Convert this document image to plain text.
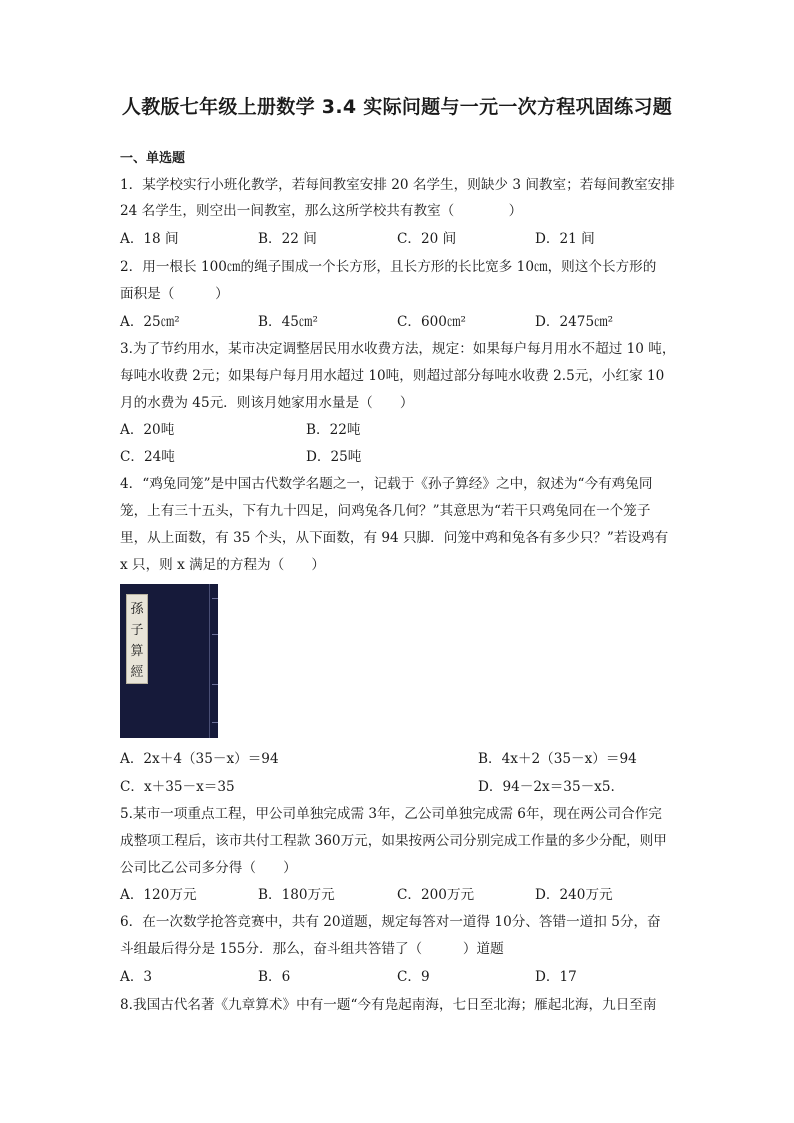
人教版七年级上册数学 3.4 实际问题与一元一次方程巩固练习题
一、单选题
1．某学校实行小班化教学，若每间教室安排 20 名学生，则缺少 3 间教室；若每间教室安排
24 名学生，则空出一间教室，那么这所学校共有教室（　　　　）
A．18 间	B．22 间	C．20 间	D．21 间
2．用一根长 100㎝的绳子围成一个长方形，且长方形的长比宽多 10㎝，则这个长方形的
面积是（　　　）
A．25㎝²	B．45㎝²	C．600㎝²	D．2475㎝²
3.为了节约用水，某市决定调整居民用水收费方法，规定：如果每户每月用水不超过 10 吨，
每吨水收费 2元；如果每户每月用水超过 10吨，则超过部分每吨水收费 2.5元，小红家 10
月的水费为 45元．则该月她家用水量是（　　）
A．20吨	B．22吨
C．24吨	D．25吨
4．“鸡兔同笼”是中国古代数学名题之一，记载于《孙子算经》之中，叙述为“今有鸡兔同
笼，上有三十五头，下有九十四足，问鸡兔各几何？”其意思为“若干只鸡兔同在一个笼子
里，从上面数，有 35 个头，从下面数，有 94 只脚．问笼中鸡和兔各有多少只？”若设鸡有
x 只，则 x 满足的方程为（　　）
孫
子
算
經
A．2x＋4（35－x）＝94	B．4x＋2（35－x）＝94
C．x＋35－x＝35	D．94－2x＝35－x5.
5.某市一项重点工程，甲公司单独完成需 3年，乙公司单独完成需 6年，现在两公司合作完
成整项工程后，该市共付工程款 360万元，如果按两公司分别完成工作量的多少分配，则甲
公司比乙公司多分得（　　）
A．120万元	B．180万元	C．200万元	D．240万元
6．在一次数学抢答竞赛中，共有 20道题，规定每答对一道得 10分、答错一道扣 5分，奋
斗组最后得分是 155分．那么，奋斗组共答错了（　　　）道题
A．3	B．6	C．9	D．17
8.我国古代名著《九章算术》中有一题“今有凫起南海，七日至北海；雁起北海，九日至南
